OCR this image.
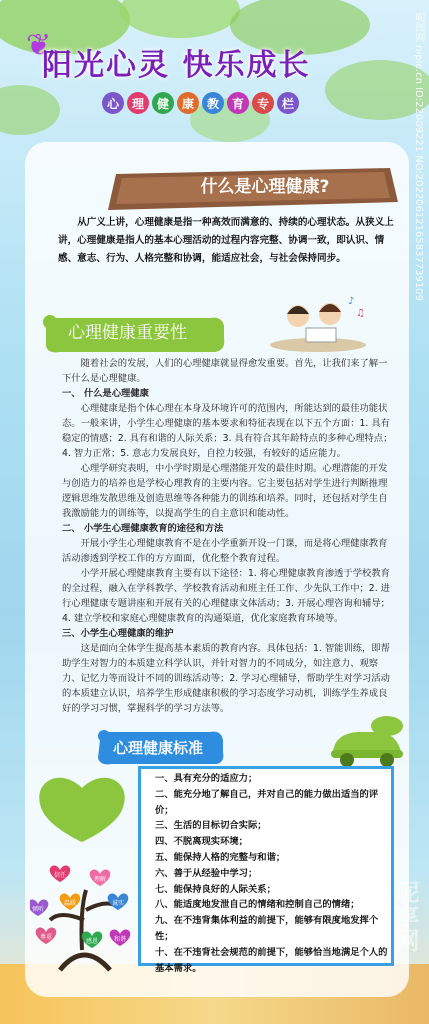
❦
阳光心灵 快乐成长
心	理	健	康	教	育	专	栏
什么是心理健康?

从广义上讲，心理健康是指一种高效而满意的、持续的心理状态。从狭义上讲，心理健康是指人的基本心理活动的过程内容完整、协调一致，即认识、情感、意志、行为、人格完整和协调，能适应社会，与社会保持同步。

♪
♫
心理健康重要性

随着社会的发展，人们的心理健康就显得愈发重要。首先，让我们来了解一下什么是心理健康。

一、 什么是心理健康

心理健康是指个体心理在本身及环境许可的范围内，所能达到的最佳功能状态。一般来讲，小学生心理健康的基本要求和特征表现在以下五个方面：1. 具有稳定的情感；2. 具有和谐的人际关系；3. 具有符合其年龄特点的多种心理特点；4. 智力正常；5. 意志力发展良好，自控力较强，有较好的适应能力。

心理学研究表明，中小学时期是心理潜能开发的最佳时期。心理潜能的开发与创造力的培养也是学校心理教育的主要内容。它主要包括对学生进行判断推理逻辑思维发散思维及创造思维等各种能力的训练和培养。同时，还包括对学生自我激励能力的训练等，以提高学生的自主意识和能动性。

二、 小学生心理健康教育的途径和方法

开展小学生心理健康教育不是在小学重新开设一门课，而是将心理健康教育活动渗透到学校工作的方方面面，优化整个教育过程。

小学开展心理健康教育主要有以下途径：1. 将心理健康教育渗透于学校教育的全过程，融入在学科教学、学校教育活动和班主任工作、少先队工作中；2. 进行心理健康专题讲座和开展有关的心理健康文体活动；3. 开展心理咨询和辅导；4. 建立学校和家庭心理健康教育的沟通渠道，优化家庭教育环境等。

三、小学生心理健康的维护

这是面向全体学生提高基本素质的教育内容。具体包括：1. 智能训练，即帮助学生对智力的本质建立科学认识，并针对智力的不同成分，如注意力、观察力、记忆力等而设计不同的训练活动等；2. 学习心理辅导，帮助学生对学习活动的本质建立认识，培养学生形成健康积极的学习态度学习动机，训练学生养成良好的学习习惯，掌握科学的学习方法等。

心理健康标准
一、具有充分的适应力；
二、能充分地了解自己，并对自己的能力做出适当的评价；
三、生活的目标切合实际；
四、不脱离现实环境；
五、能保持人格的完整与和谐；
六、善于从经验中学习；
七、能保持良好的人际关系；
八、能适度地发泄自己的情绪和控制自己的情绪；
九、在不违背集体利益的前提下，能够有限度地发挥个性；
十、在不违背社会规范的前提下，能够恰当地满足个人的基本需求。
信任
理解
倾听
温暖	诚实
尊重
感恩	和谐
昵图网 nipic.cn ID:22009221 NO:20220612165837739109
昵享网
